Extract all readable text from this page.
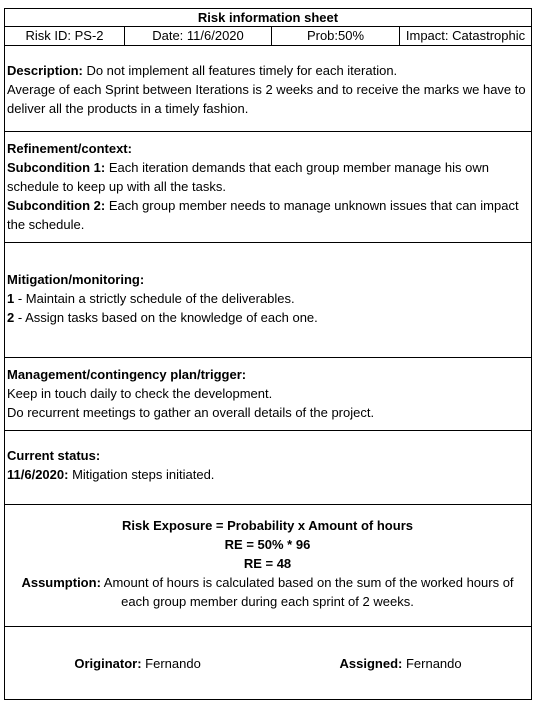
Risk information sheet
Risk ID: PS-2	Date: 11/6/2020	Prob:50%	Impact: Catastrophic

Description: Do not implement all features timely for each iteration.

Average of each Sprint between Iterations is 2 weeks and to receive the marks we have to deliver all the products in a timely fashion.

Refinement/context:

Subcondition 1: Each iteration demands that each group member manage his own schedule to keep up with all the tasks.

Subcondition 2: Each group member needs to manage unknown issues that can impact the schedule.

Mitigation/monitoring:

1 - Maintain a strictly schedule of the deliverables.

2 - Assign tasks based on the knowledge of each one.

Management/contingency plan/trigger:

Keep in touch daily to check the development.

Do recurrent meetings to gather an overall details of the project.

Current status:

11/6/2020: Mitigation steps initiated.

Risk Exposure = Probability x Amount of hours

RE = 50% * 96

RE = 48

Assumption: Amount of hours is calculated based on the sum of the worked hours of each group member during each sprint of 2 weeks.

Originator: Fernando	Assigned: Fernando
